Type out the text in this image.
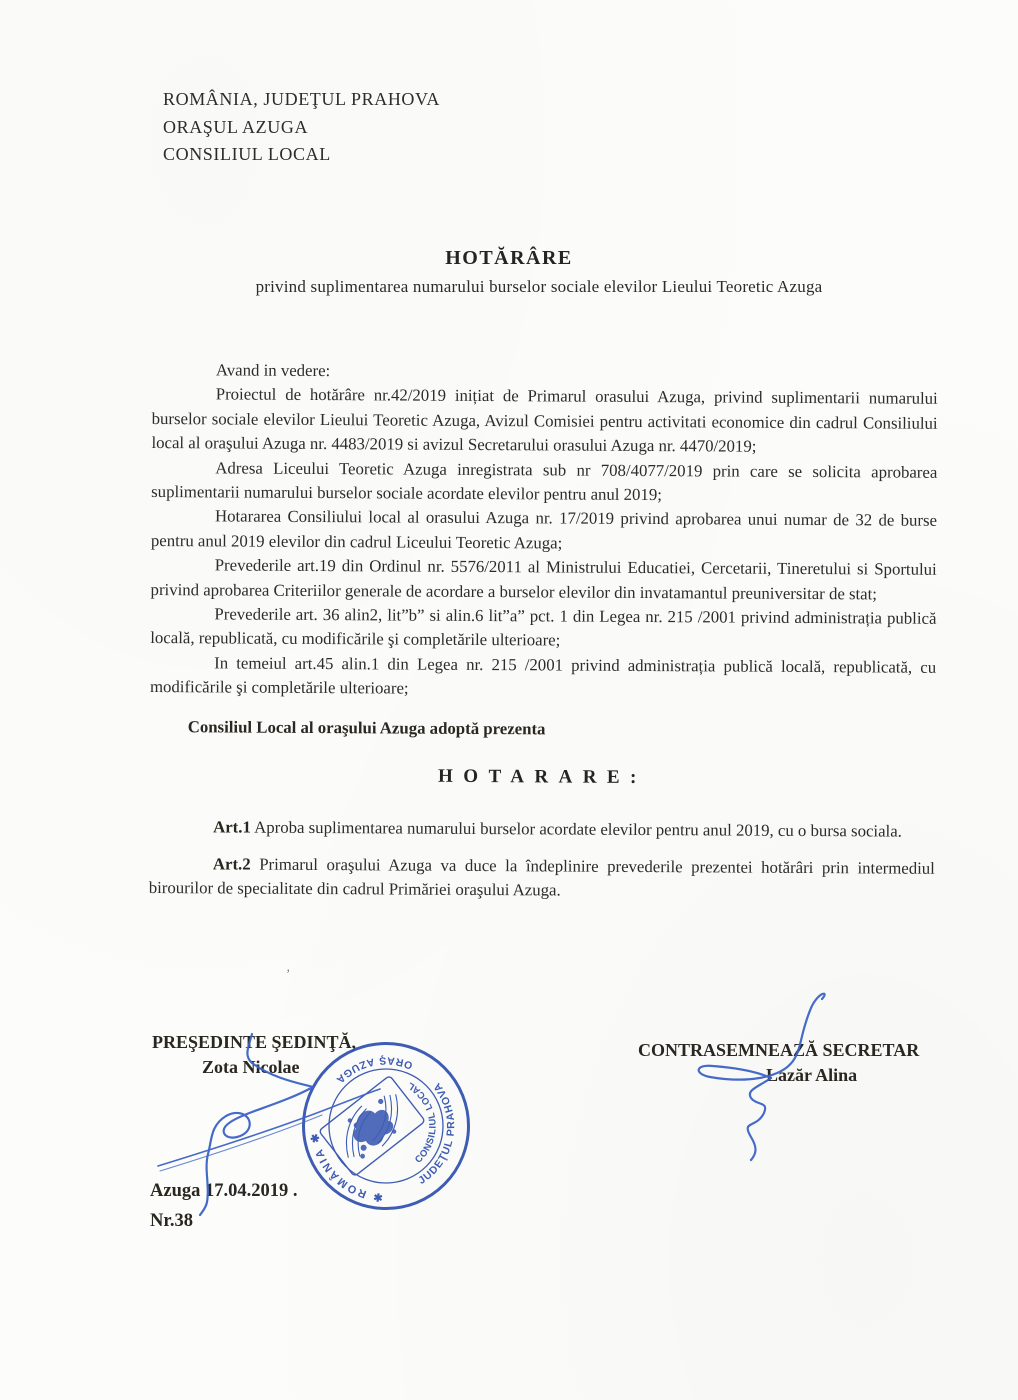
ROMÂNIA, JUDEŢUL PRAHOVA
ORAŞUL AZUGA
CONSILIUL LOCAL
HOTĂRÂRE
privind suplimentarea numarului burselor sociale elevilor Lieului Teoretic Azuga

Avand in vedere:

Proiectul de hotărâre nr.42/2019 inițiat de Primarul orasului Azuga, privind suplimentarii numarului burselor sociale elevilor Lieului Teoretic Azuga, Avizul Comisiei pentru activitati economice din cadrul Consiliului local al oraşului Azuga nr. 4483/2019 si avizul Secretarului orasului Azuga nr. 4470/2019;

Adresa Liceului Teoretic Azuga inregistrata sub nr 708/4077/2019 prin care se solicita aprobarea suplimentarii numarului burselor sociale acordate elevilor pentru anul 2019;

Hotararea Consiliului local al orasului Azuga nr. 17/2019 privind aprobarea unui numar de 32 de burse pentru anul 2019 elevilor din cadrul Liceului Teoretic Azuga;

Prevederile art.19 din Ordinul nr. 5576/2011 al Ministrului Educatiei, Cercetarii, Tineretului si Sportului privind aprobarea Criteriilor generale de acordare a burselor elevilor din invatamantul preuniversitar de stat;

Prevederile art. 36 alin2, lit”b” si alin.6 lit”a” pct. 1 din Legea nr. 215 /2001 privind administrația publică locală, republicată, cu modificările şi completările ulterioare;

In temeiul art.45 alin.1 din Legea nr. 215 /2001 privind administrația publică locală, republicată, cu modificările şi completările ulterioare;

Consiliul Local al oraşului Azuga adoptă prezenta

HOTARARE:

Art.1 Aproba suplimentarea numarului burselor acordate elevilor pentru anul 2019, cu o bursa sociala.

Art.2 Primarul oraşului Azuga va duce la îndeplinire prevederile prezentei hotărâri prin intermediul birourilor de specialitate din cadrul Primăriei oraşului Azuga.

PREŞEDINTE ŞEDINŢĂ,
Zota Nicolae
CONTRASEMNEAZĂ SECRETAR
Lazăr Alina
Azuga 17.04.2019 .
Nr.38
’
✱ ROMÂNIA ✱
JUDEŢUL PRAHOVA
ORAŞ AZUGA
CONSILIUL LOCAL
